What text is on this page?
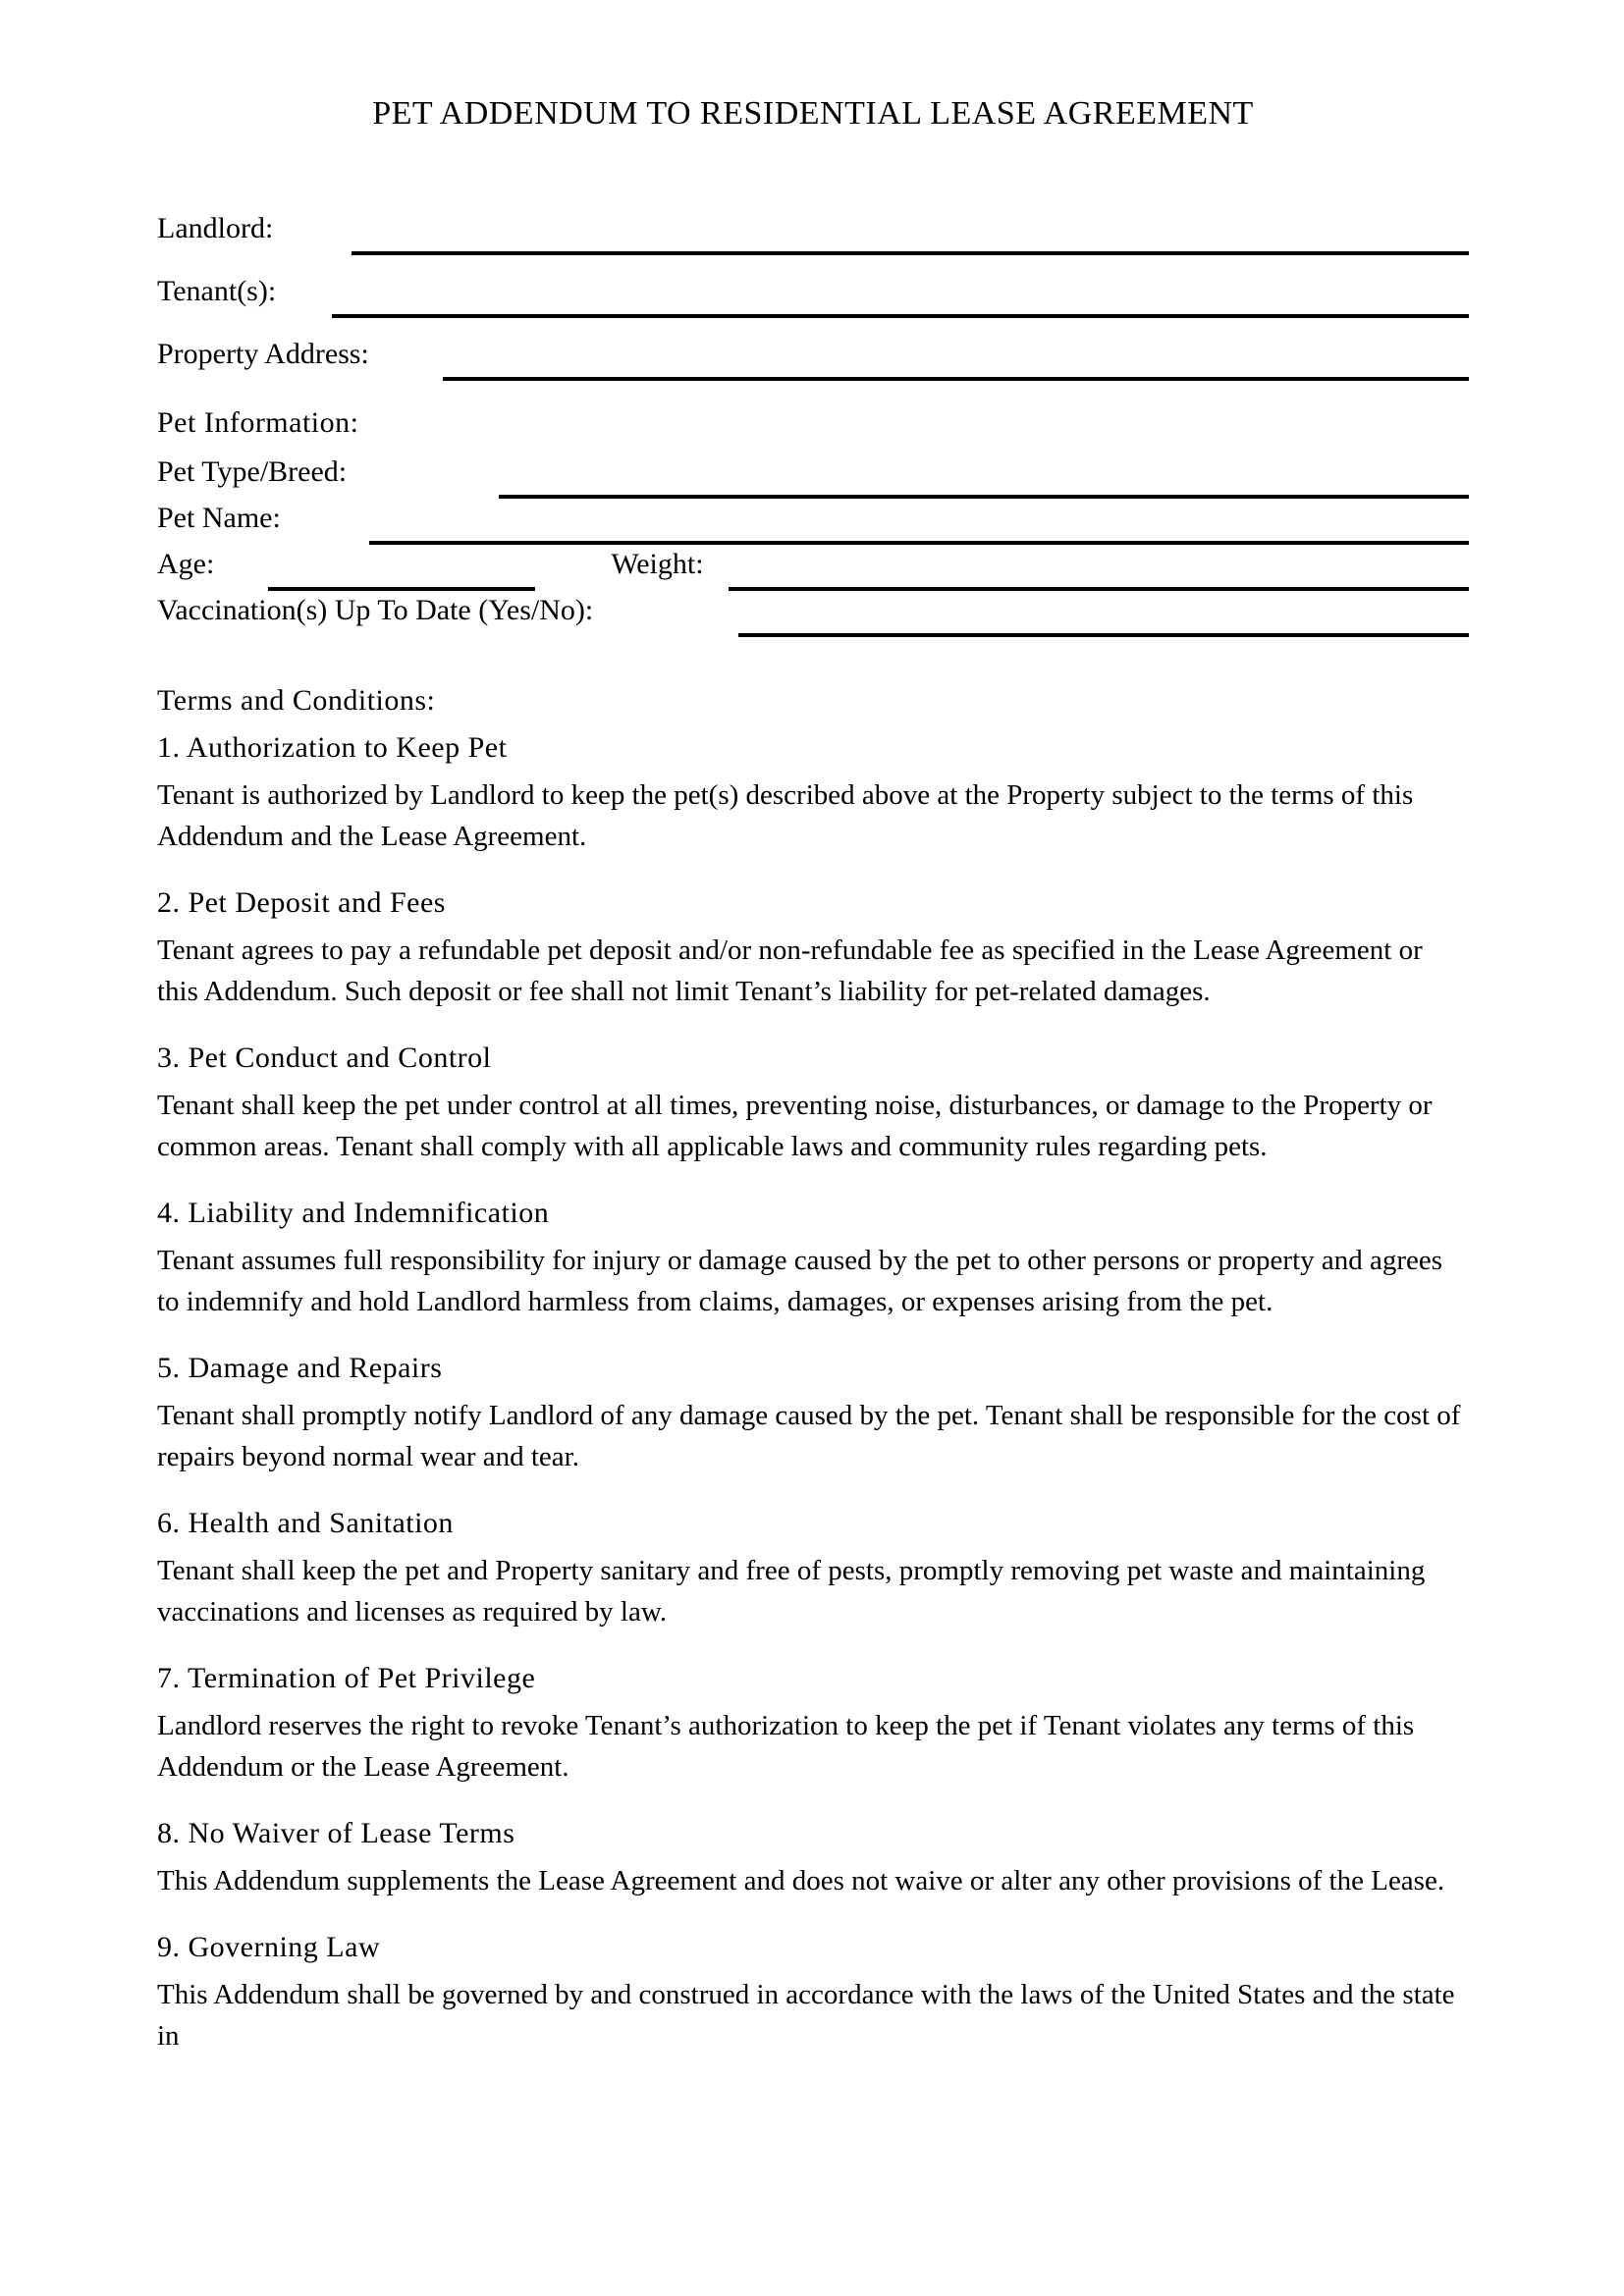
PET ADDENDUM TO RESIDENTIAL LEASE AGREEMENT
Landlord:
Tenant(s):
Property Address:
Pet Information:
Pet Type/Breed:
Pet Name:
Age:	Weight:
Vaccination(s) Up To Date (Yes/No):
Terms and Conditions:
1. Authorization to Keep Pet

Tenant is authorized by Landlord to keep the pet(s) described above at the Property subject to the terms of this Addendum and the Lease Agreement.

2. Pet Deposit and Fees

Tenant agrees to pay a refundable pet deposit and/or non-refundable fee as specified in the Lease Agreement or this Addendum. Such deposit or fee shall not limit Tenant’s liability for pet-related damages.

3. Pet Conduct and Control

Tenant shall keep the pet under control at all times, preventing noise, disturbances, or damage to the Property or common areas. Tenant shall comply with all applicable laws and community rules regarding pets.

4. Liability and Indemnification

Tenant assumes full responsibility for injury or damage caused by the pet to other persons or property and agrees to indemnify and hold Landlord harmless from claims, damages, or expenses arising from the pet.

5. Damage and Repairs

Tenant shall promptly notify Landlord of any damage caused by the pet. Tenant shall be responsible for the cost of repairs beyond normal wear and tear.

6. Health and Sanitation

Tenant shall keep the pet and Property sanitary and free of pests, promptly removing pet waste and maintaining vaccinations and licenses as required by law.

7. Termination of Pet Privilege

Landlord reserves the right to revoke Tenant’s authorization to keep the pet if Tenant violates any terms of this Addendum or the Lease Agreement.

8. No Waiver of Lease Terms

This Addendum supplements the Lease Agreement and does not waive or alter any other provisions of the Lease.

9. Governing Law

This Addendum shall be governed by and construed in accordance with the laws of the United States and the state in
